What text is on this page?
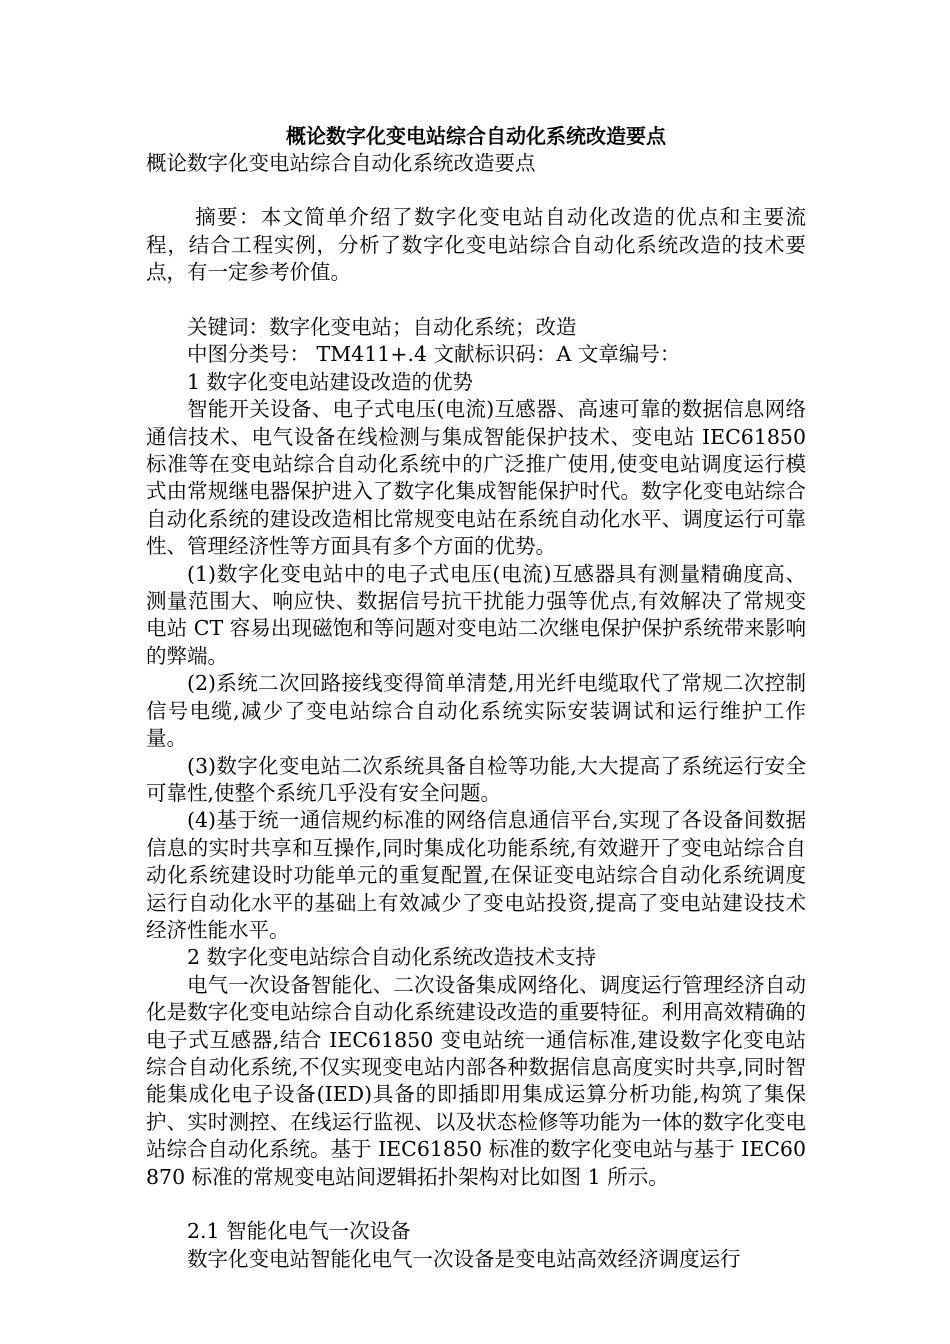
概论数字化变电站综合自动化系统改造要点

概论数字化变电站综合自动化系统改造要点

摘要：本文简单介绍了数字化变电站自动化改造的优点和主要流程，结合工程实例，分析了数字化变电站综合自动化系统改造的技术要点，有一定参考价值。

关键词：数字化变电站；自动化系统；改造

中图分类号： TM411+.4 文献标识码：A 文章编号：

1 数字化变电站建设改造的优势

智能开关设备、电子式电压(电流)互感器、高速可靠的数据信息网络通信技术、电气设备在线检测与集成智能保护技术、变电站 IEC61850 标准等在变电站综合自动化系统中的广泛推广使用,使变电站调度运行模式由常规继电器保护进入了数字化集成智能保护时代。数字化变电站综合自动化系统的建设改造相比常规变电站在系统自动化水平、调度运行可靠性、管理经济性等方面具有多个方面的优势。

(1)数字化变电站中的电子式电压(电流)互感器具有测量精确度高、测量范围大、响应快、数据信号抗干扰能力强等优点,有效解决了常规变电站 CT 容易出现磁饱和等问题对变电站二次继电保护保护系统带来影响的弊端。

(2)系统二次回路接线变得简单清楚,用光纤电缆取代了常规二次控制信号电缆,减少了变电站综合自动化系统实际安装调试和运行维护工作量。

(3)数字化变电站二次系统具备自检等功能,大大提高了系统运行安全可靠性,使整个系统几乎没有安全问题。

(4)基于统一通信规约标准的网络信息通信平台,实现了各设备间数据信息的实时共享和互操作,同时集成化功能系统,有效避开了变电站综合自动化系统建设时功能单元的重复配置,在保证变电站综合自动化系统调度运行自动化水平的基础上有效减少了变电站投资,提高了变电站建设技术经济性能水平。

2 数字化变电站综合自动化系统改造技术支持

电气一次设备智能化、二次设备集成网络化、调度运行管理经济自动化是数字化变电站综合自动化系统建设改造的重要特征。利用高效精确的电子式互感器,结合 IEC61850 变电站统一通信标准,建设数字化变电站综合自动化系统,不仅实现变电站内部各种数据信息高度实时共享,同时智能集成化电子设备(IED)具备的即插即用集成运算分析功能,构筑了集保护、实时测控、在线运行监视、以及状态检修等功能为一体的数字化变电站综合自动化系统。基于 IEC61850 标准的数字化变电站与基于 IEC60870 标准的常规变电站间逻辑拓扑架构对比如图 1 所示。

2.1 智能化电气一次设备

数字化变电站智能化电气一次设备是变电站高效经济调度运行
